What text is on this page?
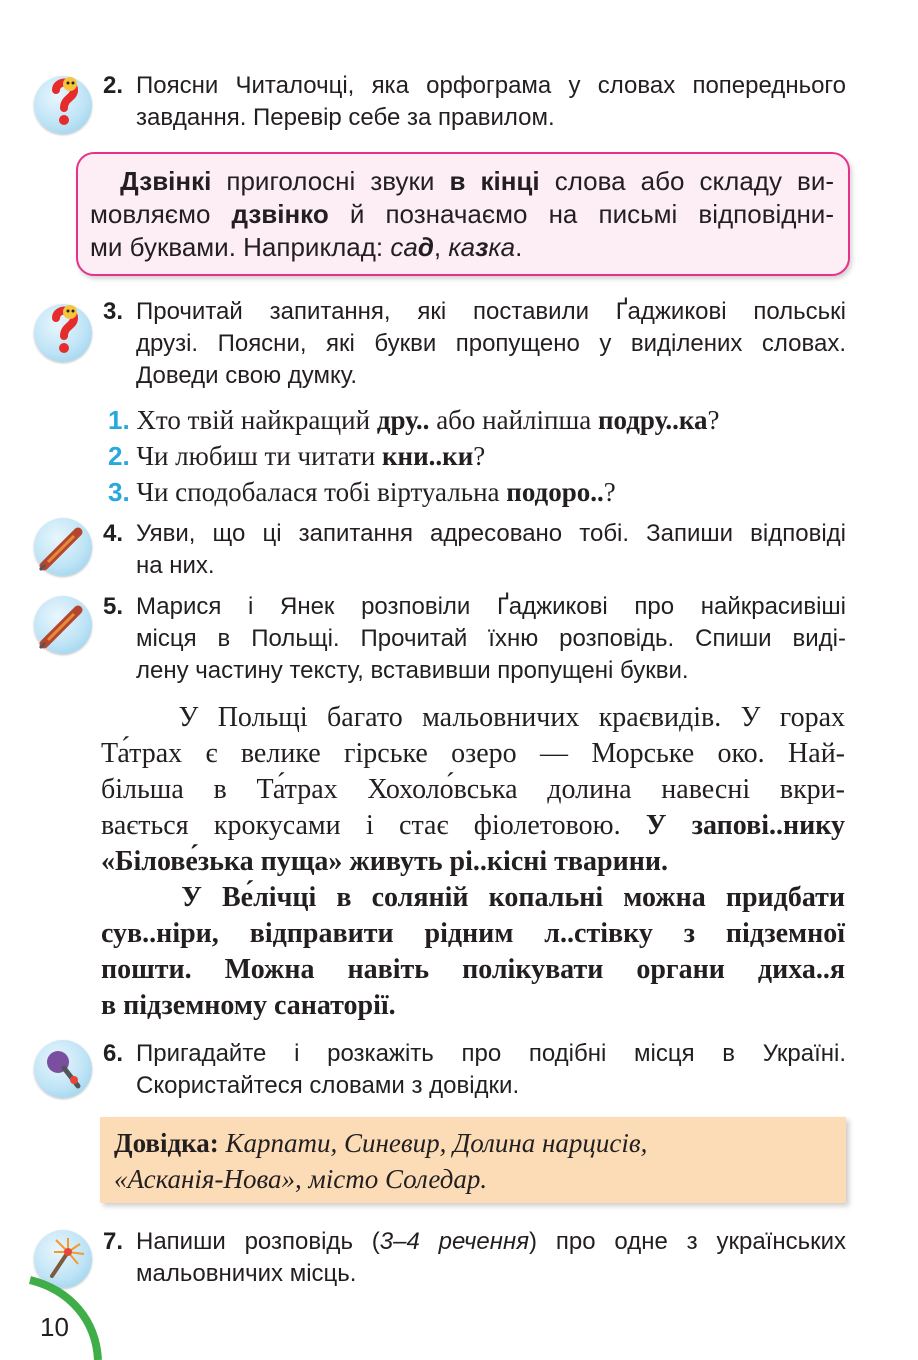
2. Поясни Читалочці, яка орфограма у словах попереднього
завдання. Перевір себе за правилом.
Дзвінкі приголосні звуки в кінці слова або складу ви-
мовляємо дзвінко й позначаємо на письмі відповідни-
ми буквами. Наприклад: сад, казка.
3. Прочитай запитання, які поставили Ґаджикові польські
друзі. Поясни, які букви пропущено у виділених словах.
Доведи свою думку.
1. Хто твій найкращий дру.. або найліпша подру..ка?
2. Чи любиш ти читати кни..ки?
3. Чи сподобалася тобі віртуальна подоро..?
4. Уяви, що ці запитання адресовано тобі. Запиши відповіді
на них.
5. Марися і Янек розповіли Ґаджикові про найкрасивіші
місця в Польщі. Прочитай їхню розповідь. Спиши виді-
лену частину тексту, вставивши пропущені букви.
У Польщі багато мальовничих краєвидів. У горах
Та́трах є велике гірське озеро — Морське око. Най-
більша в Та́трах Хохоло́вська долина навесні вкри-
вається крокусами і стає фіолетовою. У запові..нику
«Білове́зька пуща» живуть рі..кісні тварини.
У Ве́лічці в соляній копальні можна придбати
сув..ніри, відправити рідним л..стівку з підземної
пошти. Можна навіть полікувати органи диха..я
в підземному санаторії.
6. Пригадайте і розкажіть про подібні місця в Україні.
Скористайтеся словами з довідки.
Довідка: Карпати, Синевир, Долина нарцисів,
«Асканія-Нова», місто Соледар.
7. Напиши розповідь (3–4 речення) про одне з українських
мальовничих місць.
10
